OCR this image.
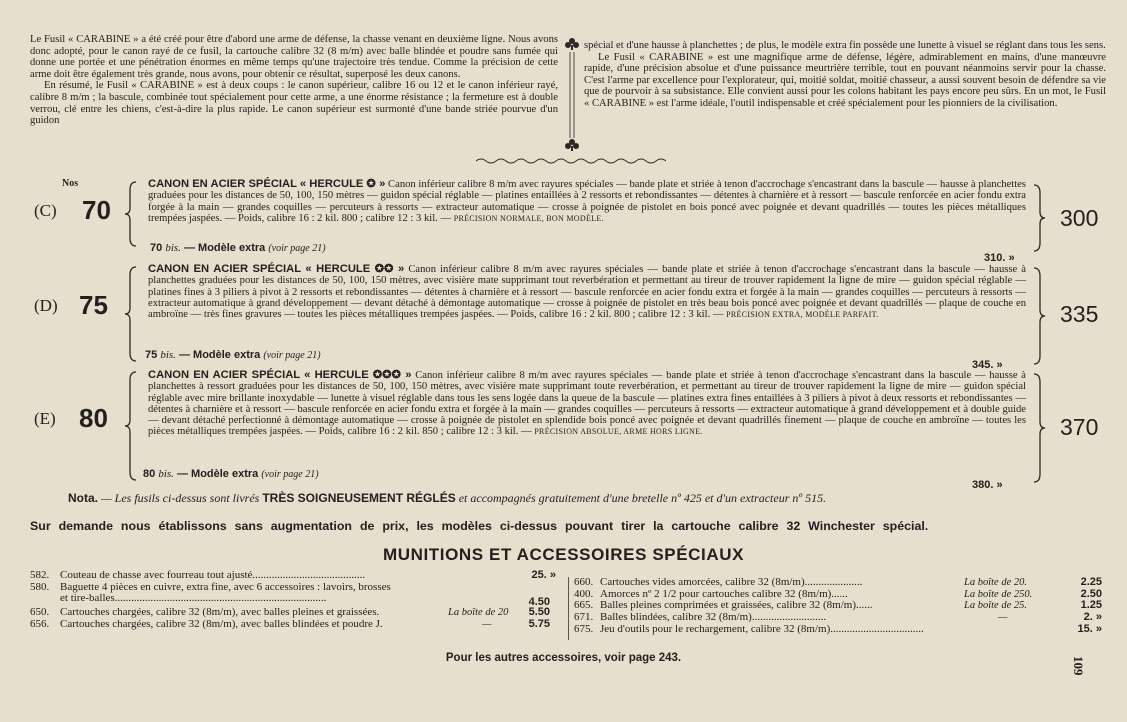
Le Fusil « CARABINE » a été créé pour être d'abord une arme de défense, la chasse venant en deuxième ligne. Nous avons donc adopté, pour le canon rayé de ce fusil, la cartouche calibre 32 (8 m/m) avec balle blindée et poudre sans fumée qui donne une portée et une pénétration énormes en même temps qu'une trajectoire très tendue. Comme la précision de cette arme doit être également très grande, nous avons, pour obtenir ce résultat, superposé les deux canons.

En résumé, le Fusil « CARABINE » est à deux coups : le canon supérieur, calibre 16 ou 12 et le canon inférieur rayé, calibre 8 m/m ; la bascule, combinée tout spécialement pour cette arme, a une énorme résistance ; la fermeture est à double verrou, clé entre les chiens, c'est-à-dire la plus rapide. Le canon supérieur est surmonté d'une bande striée pourvue d'un guidon

spécial et d'une hausse à planchettes ; de plus, le modèle extra fin possède une lunette à visuel se réglant dans tous les sens.

Le Fusil « CARABINE » est une magnifique arme de défense, légère, admirablement en mains, d'une manœuvre rapide, d'une précision absolue et d'une puissance meurtrière terrible, tout en pouvant néanmoins servir pour la chasse. C'est l'arme par excellence pour l'explorateur, qui, moitié soldat, moitié chasseur, a aussi souvent besoin de défendre sa vie que de pourvoir à sa subsistance. Elle convient aussi pour les colons habitant les pays encore peu sûrs. En un mot, le Fusil « CARABINE » est l'arme idéale, l'outil indispensable et créé spécialement pour les pionniers de la civilisation.

Nos
(C) 70

CANON EN ACIER SPÉCIAL « HERCULE ✪ » Canon inférieur calibre 8 m/m avec rayures spéciales — bande plate et striée à tenon d'accrochage s'encastrant dans la bascule — hausse à planchettes graduées pour les distances de 50, 100, 150 mètres — guidon spécial réglable — platines entaillées à 2 ressorts et rebondissantes — détentes à charnière et à ressort — bascule renforcée en acier fondu extra forgée à la main — grandes coquilles — percuteurs à ressorts — extracteur automatique — crosse à poignée de pistolet en bois poncé avec poignée et devant quadrillés — toutes les pièces métalliques trempées jaspées. — Poids, calibre 16 : 2 kil. 800 ; calibre 12 : 3 kil. — PRÉCISION NORMALE, BON MODÈLE.

70 bis. — Modèle extra (voir page 21)
310. »
300
(D) 75

CANON EN ACIER SPÉCIAL « HERCULE ✪✪ » Canon inférieur calibre 8 m/m avec rayures spéciales — bande plate et striée à tenon d'accrochage s'encastrant dans la bascule — hausse à planchettes graduées pour les distances de 50, 100, 150 mètres, avec visière mate supprimant tout reverbération et permettant au tireur de trouver rapidement la ligne de mire — guidon spécial réglable — platines fines à 3 piliers à pivot à 2 ressorts et rebondissantes — détentes à charnière et à ressort — bascule renforcée en acier fondu extra et forgée à la main — grandes coquilles — percuteurs à ressorts — extracteur automatique à grand développement — devant détaché à démontage automatique — crosse à poignée de pistolet en très beau bois poncé avec poignée et devant quadrillés — plaque de couche en ambroïne — très fines gravures — toutes les pièces métalliques trempées jaspées. — Poids, calibre 16 : 2 kil. 800 ; calibre 12 : 3 kil. — PRÉCISION EXTRA, MODÈLE PARFAIT.

75 bis. — Modèle extra (voir page 21)
345. »
335
(E) 80

CANON EN ACIER SPÉCIAL « HERCULE ✪✪✪ » Canon inférieur calibre 8 m/m avec rayures spéciales — bande plate et striée à tenon d'accrochage s'encastrant dans la bascule — hausse à planchettes à ressort graduées pour les distances de 50, 100, 150 mètres, avec visière mate supprimant toute reverbération, et permettant au tireur de trouver rapidement la ligne de mire — guidon spécial réglable avec mire brillante inoxydable — lunette à visuel réglable dans tous les sens logée dans la queue de la bascule — platines extra fines entaillées à 3 piliers à pivot à deux ressorts et rebondissantes — détentes à charnière et à ressort — bascule renforcée en acier fondu extra et forgée à la main — grandes coquilles — percuteurs à ressorts — extracteur automatique à grand développement et à double guide — devant détaché perfectionné à démontage automatique — crosse à poignée de pistolet en splendide bois poncé avec poignée et devant quadrillés finement — plaque de couche en ambroïne — toutes les pièces métalliques trempées jaspées. — Poids, calibre 16 : 2 kil. 850 ; calibre 12 : 3 kil. — PRÉCISION ABSOLUE, ARME HORS LIGNE.

80 bis. — Modèle extra (voir page 21)
380. »
370
Nota. — Les fusils ci-dessus sont livrés TRÈS SOIGNEUSEMENT RÉGLÉS et accompagnés gratuitement d'une bretelle nº 425 et d'un extracteur nº 515.
Sur demande nous établissons sans augmentation de prix, les modèles ci-dessus pouvant tirer la cartouche calibre 32 Winchester spécial.
MUNITIONS ET ACCESSOIRES SPÉCIAUX
582. Couteau de chasse avec fourreau tout ajusté.........................................	25. »
580. Baguette 4 pièces en cuivre, extra fine, avec 6 accessoires : lavoirs, brosses
et tire-balles.............................................................................	4.50
650. Cartouches chargées, calibre 32 (8m/m), avec balles pleines et graissées.	La boîte de 20 5.50
656. Cartouches chargées, calibre 32 (8m/m), avec balles blindées et poudre J.	—	5.75
660. Cartouches vides amorcées, calibre 32 (8m/m).....................	La boîte de 20.	2.25
400. Amorces nº 2 1/2 pour cartouches calibre 32 (8m/m)......	La boîte de 250.	2.50
665. Balles pleines comprimées et graissées, calibre 32 (8m/m)......	La boîte de 25.	1.25
671. Balles blindées, calibre 32 (8m/m)...........................	—	2. »
675. Jeu d'outils pour le rechargement, calibre 32 (8m/m)..................................	15. »
Pour les autres accessoires, voir page 243.	109
